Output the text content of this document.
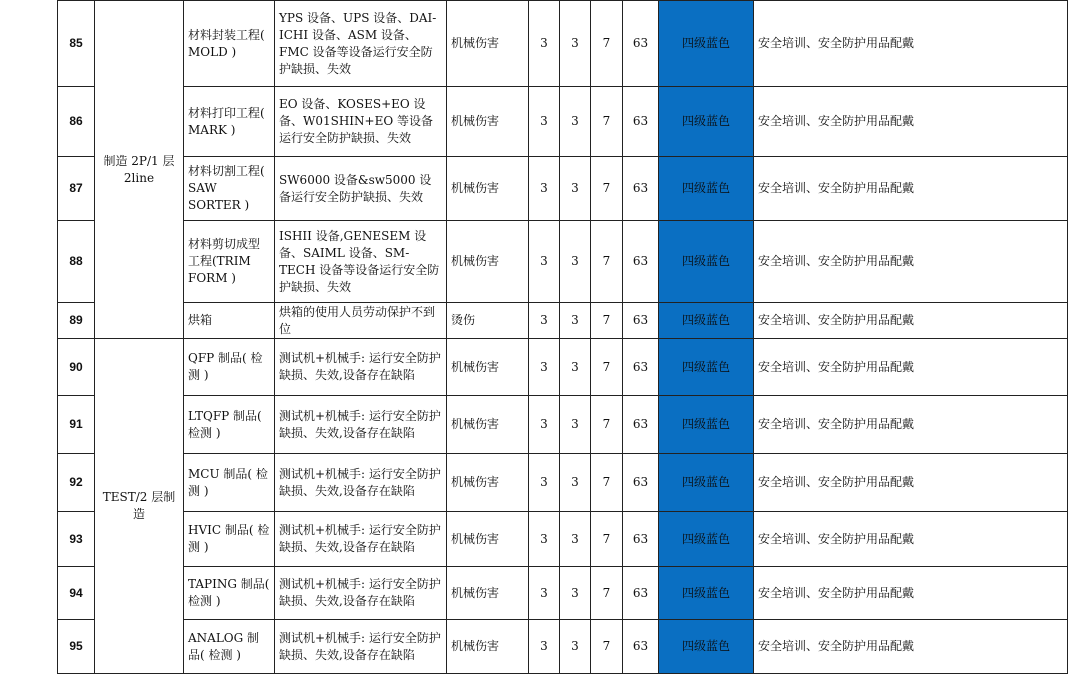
85	制造 2P/1 层 2line	材料封装工程( MOLD )	YPS 设备、UPS 设备、DAI-ICHI 设备、ASM 设备、FMC 设备等设备运行安全防护缺损、失效	机械伤害	3	3	7	63	四级蓝色	安全培训、安全防护用品配戴
86		材料打印工程( MARK )	EO 设备、KOSES+EO 设备、W01SHIN+EO 等设备运行安全防护缺损、失效	机械伤害	3	3	7	63	四级蓝色	安全培训、安全防护用品配戴
87		材料切割工程( SAW SORTER )	SW6000 设备&sw5000 设备运行安全防护缺损、失效	机械伤害	3	3	7	63	四级蓝色	安全培训、安全防护用品配戴
88		材料剪切成型工程(TRIM FORM )	ISHII 设备,GENESEM 设备、SAIML 设备、SM-TECH 设备等设备运行安全防护缺损、失效	机械伤害	3	3	7	63	四级蓝色	安全培训、安全防护用品配戴
89		烘箱	烘箱的使用人员劳动保护不到位	烫伤	3	3	7	63	四级蓝色	安全培训、安全防护用品配戴
90	TEST/2 层制造	QFP 制品( 检测 )	测试机+机械手: 运行安全防护缺损、失效,设备存在缺陷	机械伤害	3	3	7	63	四级蓝色	安全培训、安全防护用品配戴
91		LTQFP 制品( 检测 )	测试机+机械手: 运行安全防护缺损、失效,设备存在缺陷	机械伤害	3	3	7	63	四级蓝色	安全培训、安全防护用品配戴
92		MCU 制品( 检测 )	测试机+机械手: 运行安全防护缺损、失效,设备存在缺陷	机械伤害	3	3	7	63	四级蓝色	安全培训、安全防护用品配戴
93		HVIC 制品( 检测 )	测试机+机械手: 运行安全防护缺损、失效,设备存在缺陷	机械伤害	3	3	7	63	四级蓝色	安全培训、安全防护用品配戴
94		TAPING 制品( 检测 )	测试机+机械手: 运行安全防护缺损、失效,设备存在缺陷	机械伤害	3	3	7	63	四级蓝色	安全培训、安全防护用品配戴
95		ANALOG 制品( 检测 )	测试机+机械手: 运行安全防护缺损、失效,设备存在缺陷	机械伤害	3	3	7	63	四级蓝色	安全培训、安全防护用品配戴
